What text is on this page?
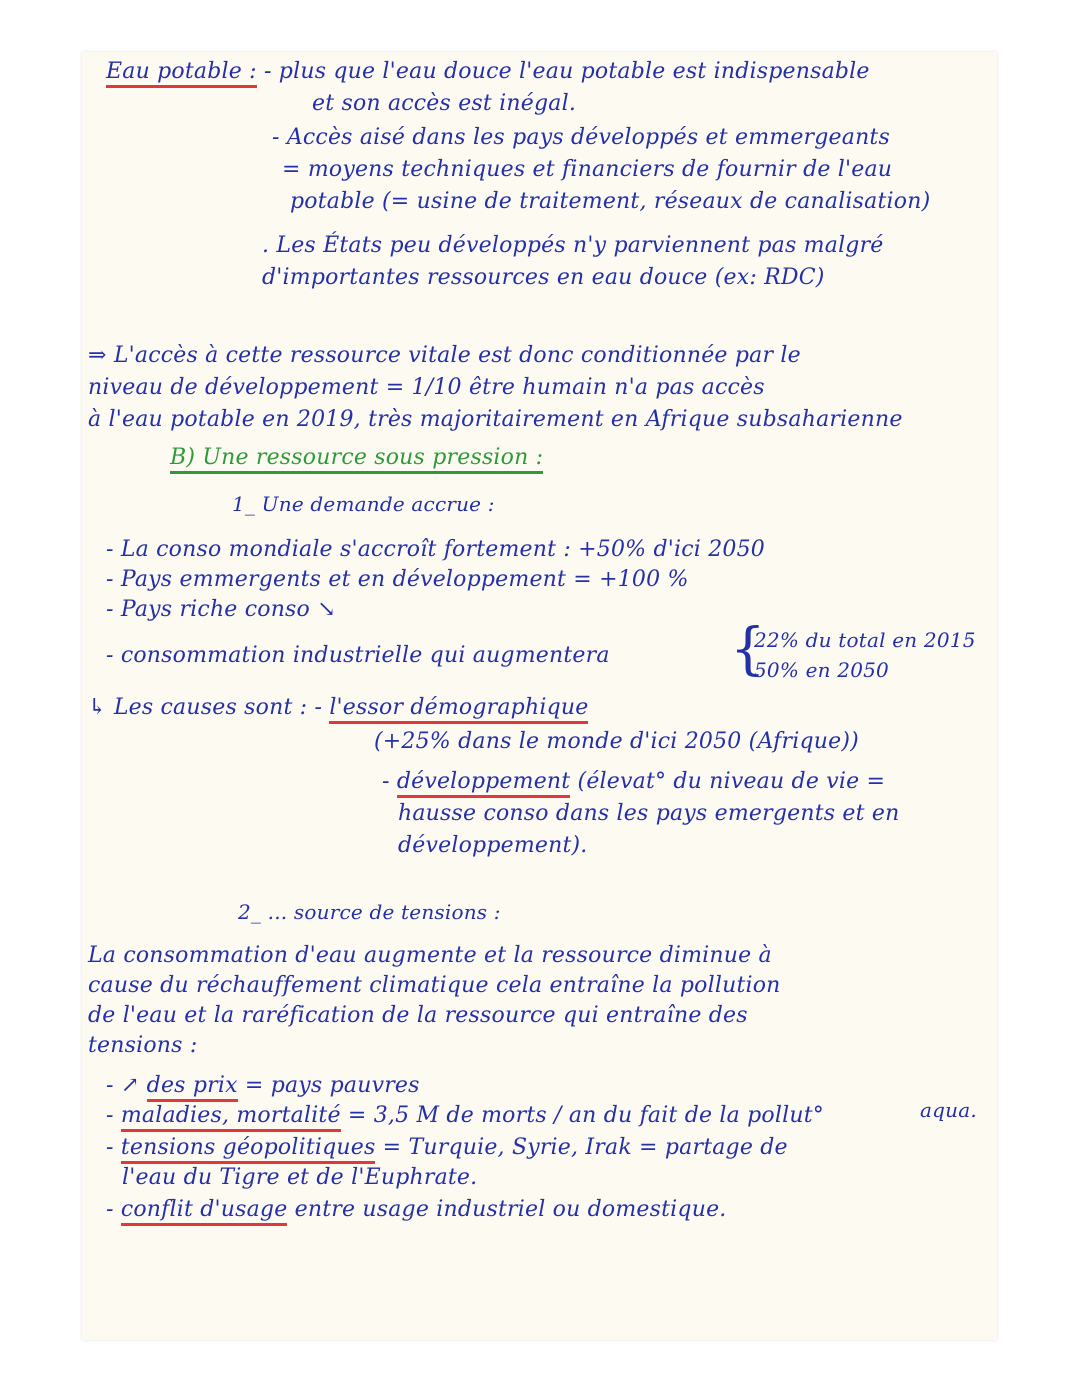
Eau potable : - plus que l'eau douce l'eau potable est indispensable
et son accès est inégal.
- Accès aisé dans les pays développés et emmergeants
= moyens techniques et financiers de fournir de l'eau
potable (= usine de traitement, réseaux de canalisation)
. Les États peu développés n'y parviennent pas malgré
d'importantes ressources en eau douce (ex: RDC)
⇒ L'accès à cette ressource vitale est donc conditionnée par le
niveau de développement = 1/10 être humain n'a pas accès
à l'eau potable en 2019, très majoritairement en Afrique subsaharienne
B) Une ressource sous pression :
1_ Une demande accrue :
- La conso mondiale s'accroît fortement : +50% d'ici 2050
- Pays emmergents et en développement = +100 %
- Pays riche conso ↘
- consommation industrielle qui augmentera {
22% du total en 2015
50% en 2050
↳ Les causes sont : - l'essor démographique
(+25% dans le monde d'ici 2050 (Afrique))
- développement (élevat° du niveau de vie =
hausse conso dans les pays emergents et en
développement).
2_ ... source de tensions :
La consommation d'eau augmente et la ressource diminue à
cause du réchauffement climatique cela entraîne la pollution
de l'eau et la raréfication de la ressource qui entraîne des
tensions :
- ↗ des prix = pays pauvres
- maladies, mortalité = 3,5 M de morts / an du fait de la pollut°	aqua.
- tensions géopolitiques = Turquie, Syrie, Irak = partage de
l'eau du Tigre et de l'Euphrate.
- conflit d'usage entre usage industriel ou domestique.
